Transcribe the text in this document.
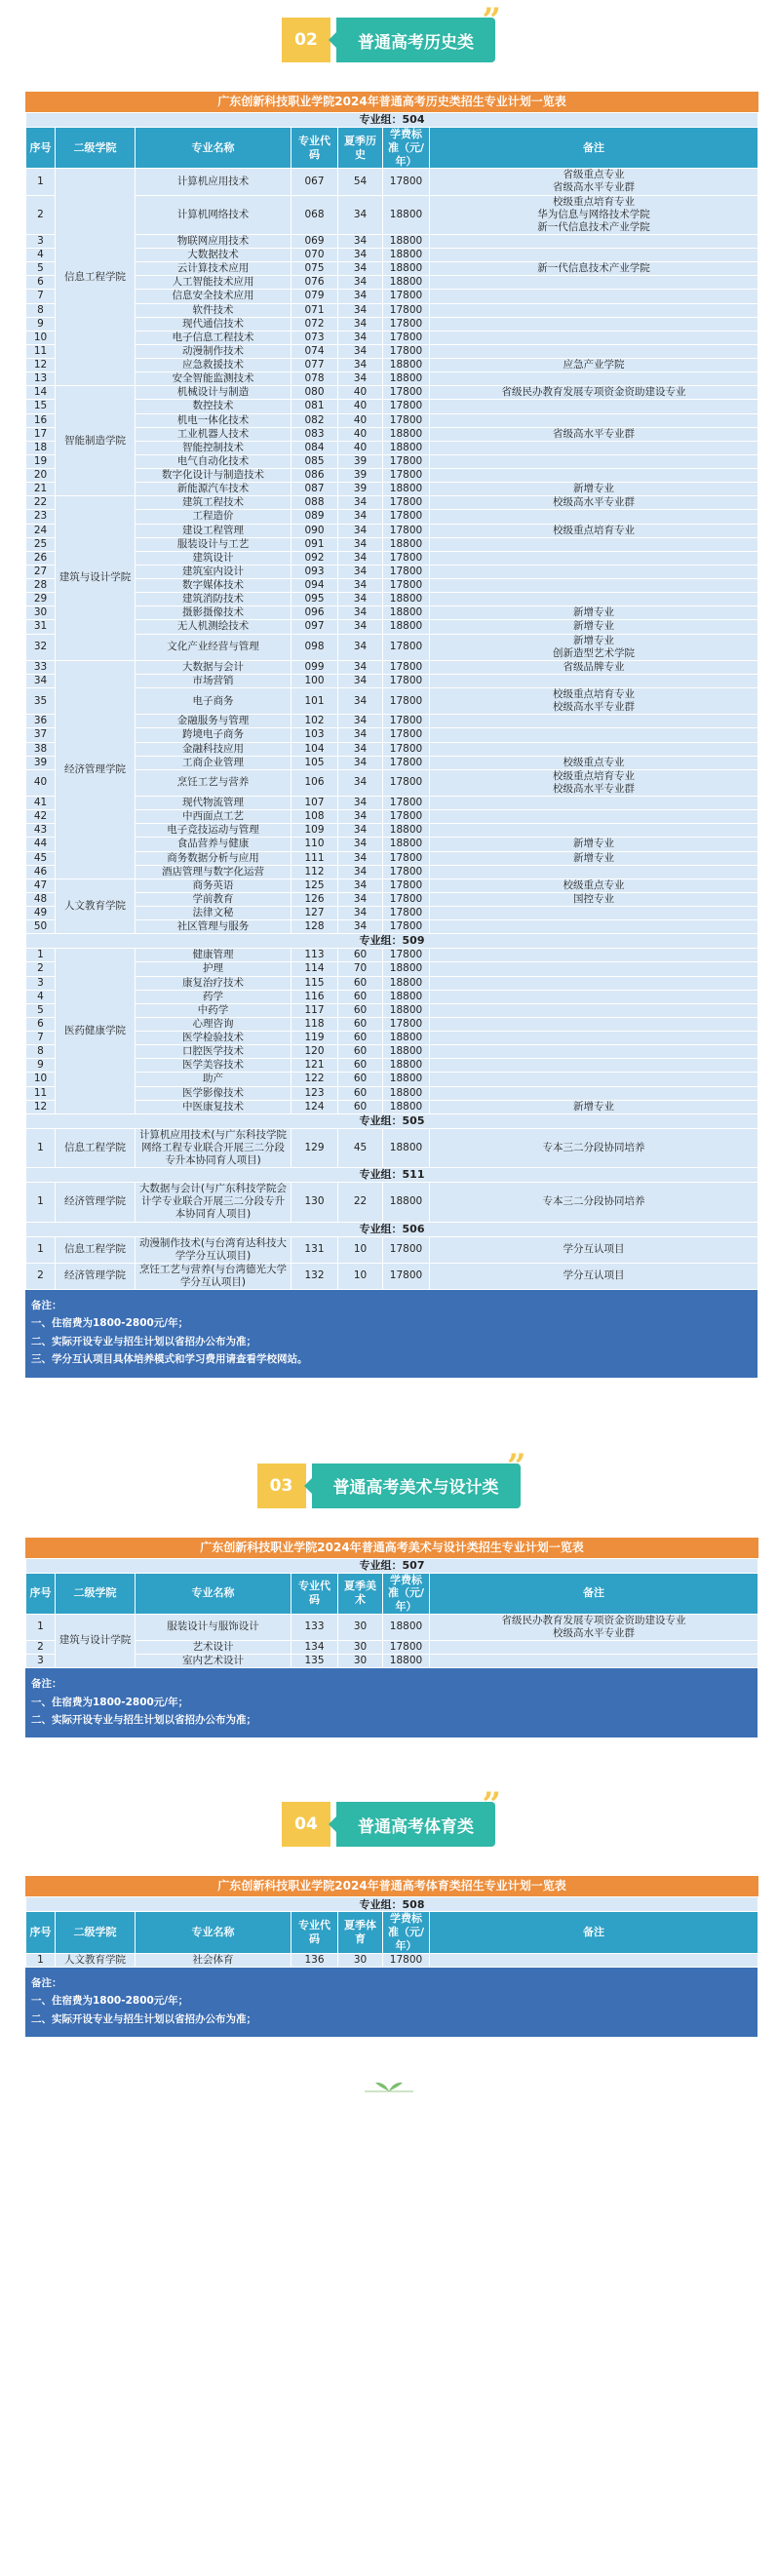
02	普通高考历史类
”
广东创新科技职业学院2024年普通高考历史类招生专业计划一览表
专业组：504						
序号	二级学院	专业名称	专业代码	夏季历史	学费标准（元/年）	备注
1	信息工程学院	计算机应用技术	067	54	17800	省级重点专业
省级高水平专业群
2		计算机网络技术	068	34	18800	校级重点培育专业
华为信息与网络技术学院
新一代信息技术产业学院
3		物联网应用技术	069	34	18800	
4		大数据技术	070	34	18800	
5		云计算技术应用	075	34	18800	新一代信息技术产业学院
6		人工智能技术应用	076	34	18800	
7		信息安全技术应用	079	34	17800	
8		软件技术	071	34	17800	
9		现代通信技术	072	34	17800	
10		电子信息工程技术	073	34	17800	
11		动漫制作技术	074	34	17800	
12		应急救援技术	077	34	18800	应急产业学院
13		安全智能监测技术	078	34	18800	
14	智能制造学院	机械设计与制造	080	40	17800	省级民办教育发展专项资金资助建设专业
15		数控技术	081	40	17800	
16		机电一体化技术	082	40	17800	
17		工业机器人技术	083	40	18800	省级高水平专业群
18		智能控制技术	084	40	18800	
19		电气自动化技术	085	39	17800	
20		数字化设计与制造技术	086	39	17800	
21		新能源汽车技术	087	39	18800	新增专业
22	建筑与设计学院	建筑工程技术	088	34	17800	校级高水平专业群
23		工程造价	089	34	17800	
24		建设工程管理	090	34	17800	校级重点培育专业
25		服装设计与工艺	091	34	18800	
26		建筑设计	092	34	17800	
27		建筑室内设计	093	34	17800	
28		数字媒体技术	094	34	17800	
29		建筑消防技术	095	34	18800	
30		摄影摄像技术	096	34	18800	新增专业
31		无人机测绘技术	097	34	18800	新增专业
32		文化产业经营与管理	098	34	17800	新增专业
创新造型艺术学院
33	经济管理学院	大数据与会计	099	34	17800	省级品牌专业
34		市场营销	100	34	17800	
35		电子商务	101	34	17800	校级重点培育专业
校级高水平专业群
36		金融服务与管理	102	34	17800	
37		跨境电子商务	103	34	17800	
38		金融科技应用	104	34	17800	
39		工商企业管理	105	34	17800	校级重点专业
40		烹饪工艺与营养	106	34	17800	校级重点培育专业
校级高水平专业群
41		现代物流管理	107	34	17800	
42		中西面点工艺	108	34	17800	
43		电子竞技运动与管理	109	34	18800	
44		食品营养与健康	110	34	18800	新增专业
45		商务数据分析与应用	111	34	17800	新增专业
46		酒店管理与数字化运营	112	34	17800	
47	人文教育学院	商务英语	125	34	17800	校级重点专业
48		学前教育	126	34	17800	国控专业
49		法律文秘	127	34	17800	
50		社区管理与服务	128	34	17800	
专业组：509						
1	医药健康学院	健康管理	113	60	17800	
2		护理	114	70	18800	
3		康复治疗技术	115	60	18800	
4		药学	116	60	18800	
5		中药学	117	60	18800	
6		心理咨询	118	60	17800	
7		医学检验技术	119	60	18800	
8		口腔医学技术	120	60	18800	
9		医学美容技术	121	60	18800	
10		助产	122	60	18800	
11		医学影像技术	123	60	18800	
12		中医康复技术	124	60	18800	新增专业
专业组：505						
1	信息工程学院	计算机应用技术(与广东科技学院网络工程专业联合开展三二分段专升本协同育人项目)	129	45	18800	专本三二分段协同培养
专业组：511						
1	经济管理学院	大数据与会计(与广东科技学院会计学专业联合开展三二分段专升本协同育人项目)	130	22	18800	专本三二分段协同培养
专业组：506						
1	信息工程学院	动漫制作技术(与台湾育达科技大学学分互认项目)	131	10	17800	学分互认项目
2	经济管理学院	烹饪工艺与营养(与台湾德光大学学分互认项目)	132	10	17800	学分互认项目
备注：
一、住宿费为1800-2800元/年；
二、实际开设专业与招生计划以省招办公布为准；
三、学分互认项目具体培养模式和学习费用请查看学校网站。
03	普通高考美术与设计类
”
广东创新科技职业学院2024年普通高考美术与设计类招生专业计划一览表
专业组：507						
序号	二级学院	专业名称	专业代码	夏季美术	学费标准（元/年）	备注
1	建筑与设计学院	服装设计与服饰设计	133	30	18800	省级民办教育发展专项资金资助建设专业
校级高水平专业群
2		艺术设计	134	30	17800	
3		室内艺术设计	135	30	18800	
备注：
一、住宿费为1800-2800元/年；
二、实际开设专业与招生计划以省招办公布为准；
04	普通高考体育类
”
广东创新科技职业学院2024年普通高考体育类招生专业计划一览表
专业组：508						
序号	二级学院	专业名称	专业代码	夏季体育	学费标准（元/年）	备注
1	人文教育学院	社会体育	136	30	17800	
备注：
一、住宿费为1800-2800元/年；
二、实际开设专业与招生计划以省招办公布为准；
